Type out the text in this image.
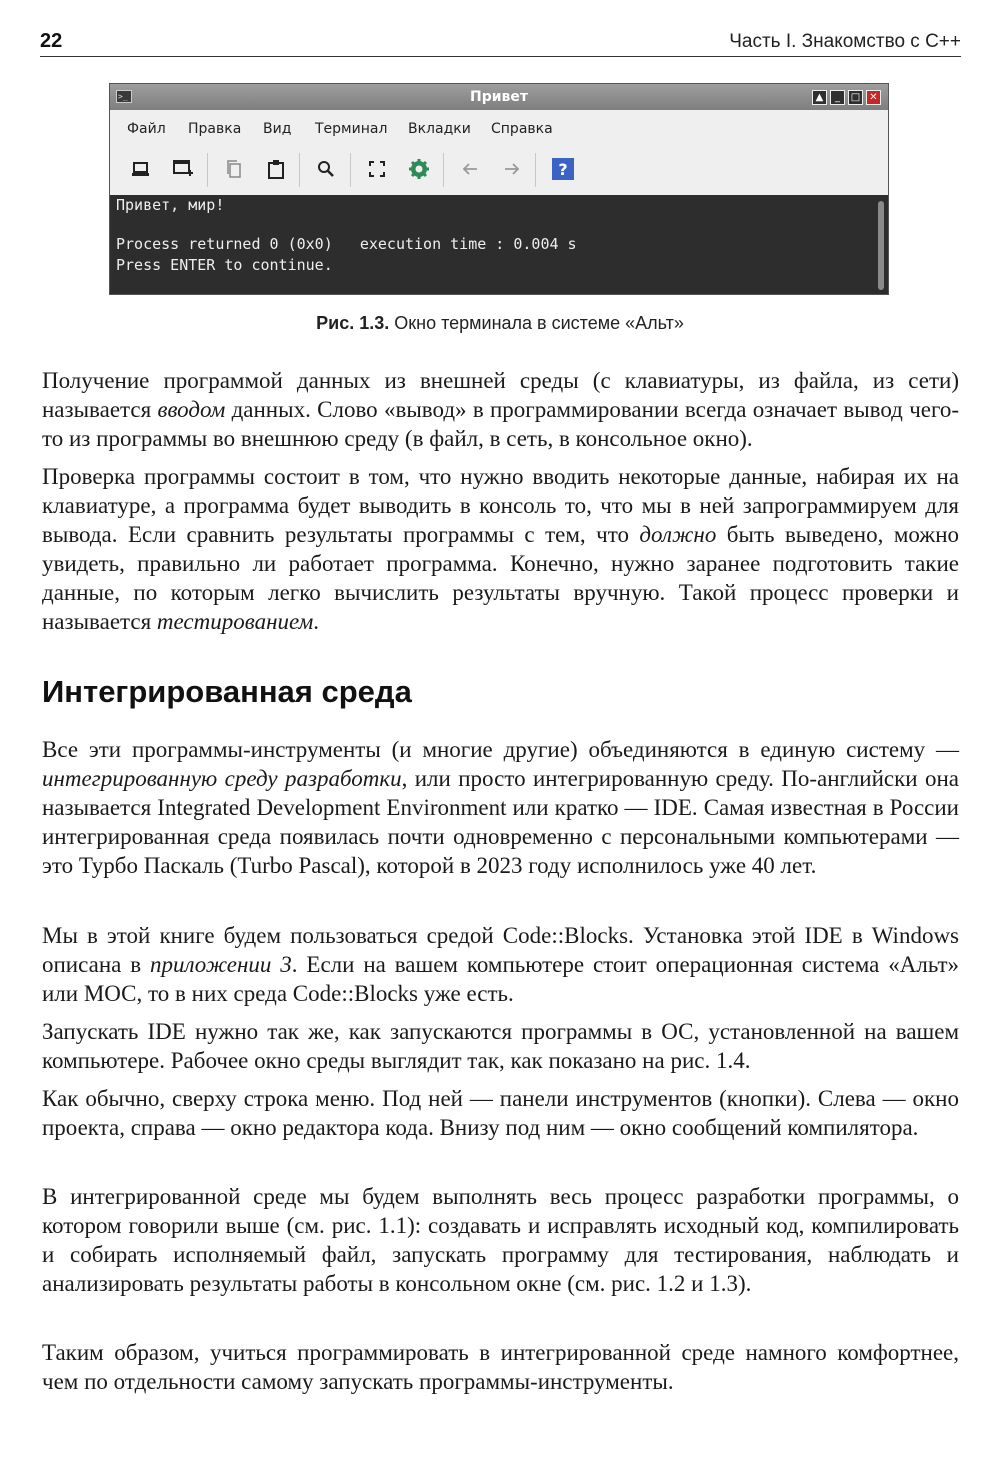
22	Часть I. Знакомство с С++
>_	Привет	▲	_	□ ✕
Файл Правка Вид Терминал Вкладки Справка
?
Привет, мир!
Process returned 0 (0x0)   execution time : 0.004 s
Press ENTER to continue.
Рис. 1.3. Окно терминала в системе «Альт»

Получение программой данных из внешней среды (с клавиатуры, из файла, из сети) называется вводом данных. Слово «вывод» в программировании всегда означает вывод чего-то из программы во внешнюю среду (в файл, в сеть, в консольное окно).

Проверка программы состоит в том, что нужно вводить некоторые данные, набирая их на клавиатуре, а программа будет выводить в консоль то, что мы в ней запрограммируем для вывода. Если сравнить результаты программы с тем, что должно быть выведено, можно увидеть, правильно ли работает программа. Конечно, нужно заранее подготовить такие данные, по которым легко вычислить результаты вручную. Такой процесс проверки и называется тестированием.

Интегрированная среда

Все эти программы-инструменты (и многие другие) объединяются в единую систему — интегрированную среду разработки, или просто интегрированную среду. По-английски она называется Integrated Development Environment или кратко — IDE. Самая известная в России интегрированная среда появилась почти одновременно с персональными компьютерами — это Турбо Паскаль (Turbo Pascal), которой в 2023 году исполнилось уже 40 лет.

Мы в этой книге будем пользоваться средой Code::Blocks. Установка этой IDE в Windows описана в приложении 3. Если на вашем компьютере стоит операционная система «Альт» или МОС, то в них среда Code::Blocks уже есть.

Запускать IDE нужно так же, как запускаются программы в ОС, установленной на вашем компьютере. Рабочее окно среды выглядит так, как показано на рис. 1.4.

Как обычно, сверху строка меню. Под ней — панели инструментов (кнопки). Слева — окно проекта, справа — окно редактора кода. Внизу под ним — окно сообщений компилятора.

В интегрированной среде мы будем выполнять весь процесс разработки программы, о котором говорили выше (см. рис. 1.1): создавать и исправлять исходный код, компилировать и собирать исполняемый файл, запускать программу для тестирования, наблюдать и анализировать результаты работы в консольном окне (см. рис. 1.2 и 1.3).

Таким образом, учиться программировать в интегрированной среде намного комфортнее, чем по отдельности самому запускать программы-инструменты.
